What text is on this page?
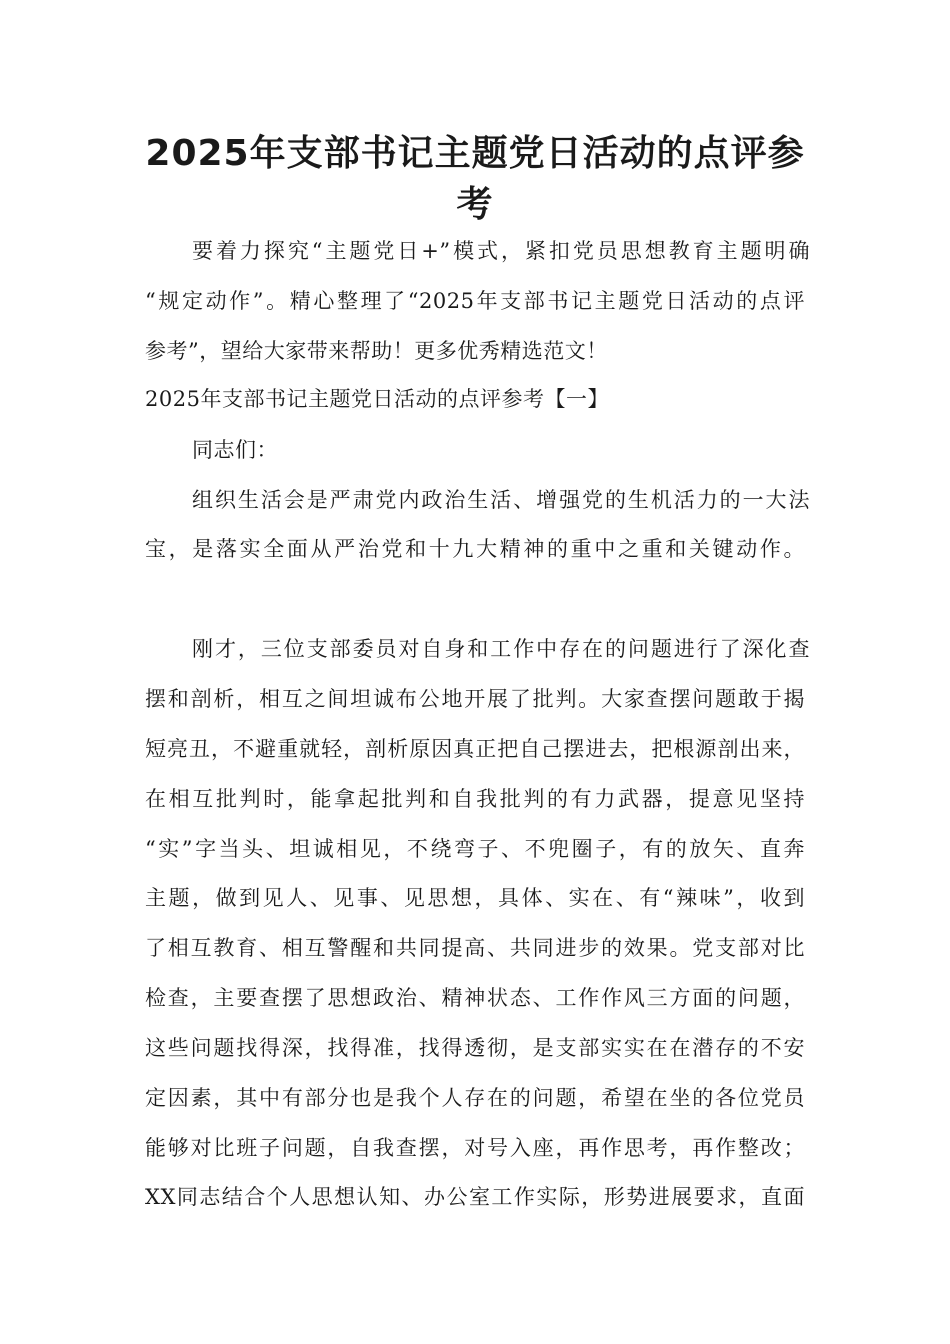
2025年支部书记主题党日活动的点评参
考
要着力探究“主题党日+”模式，紧扣党员思想教育主题明确
“规定动作”。精心整理了“2025年支部书记主题党日活动的点评
参考”，望给大家带来帮助！更多优秀精选范文！
2025年支部书记主题党日活动的点评参考【一】
同志们：
组织生活会是严肃党内政治生活、增强党的生机活力的一大法
宝，是落实全面从严治党和十九大精神的重中之重和关键动作。
刚才，三位支部委员对自身和工作中存在的问题进行了深化查
摆和剖析，相互之间坦诚布公地开展了批判。大家查摆问题敢于揭
短亮丑，不避重就轻，剖析原因真正把自己摆进去，把根源剖出来，
在相互批判时，能拿起批判和自我批判的有力武器，提意见坚持
“实”字当头、坦诚相见，不绕弯子、不兜圈子，有的放矢、直奔
主题，做到见人、见事、见思想，具体、实在、有“辣味”，收到
了相互教育、相互警醒和共同提高、共同进步的效果。党支部对比
检查，主要查摆了思想政治、精神状态、工作作风三方面的问题，
这些问题找得深，找得准，找得透彻，是支部实实在在潜存的不安
定因素，其中有部分也是我个人存在的问题，希望在坐的各位党员
能够对比班子问题，自我查摆，对号入座，再作思考，再作整改；
XX同志结合个人思想认知、办公室工作实际，形势进展要求，直面
